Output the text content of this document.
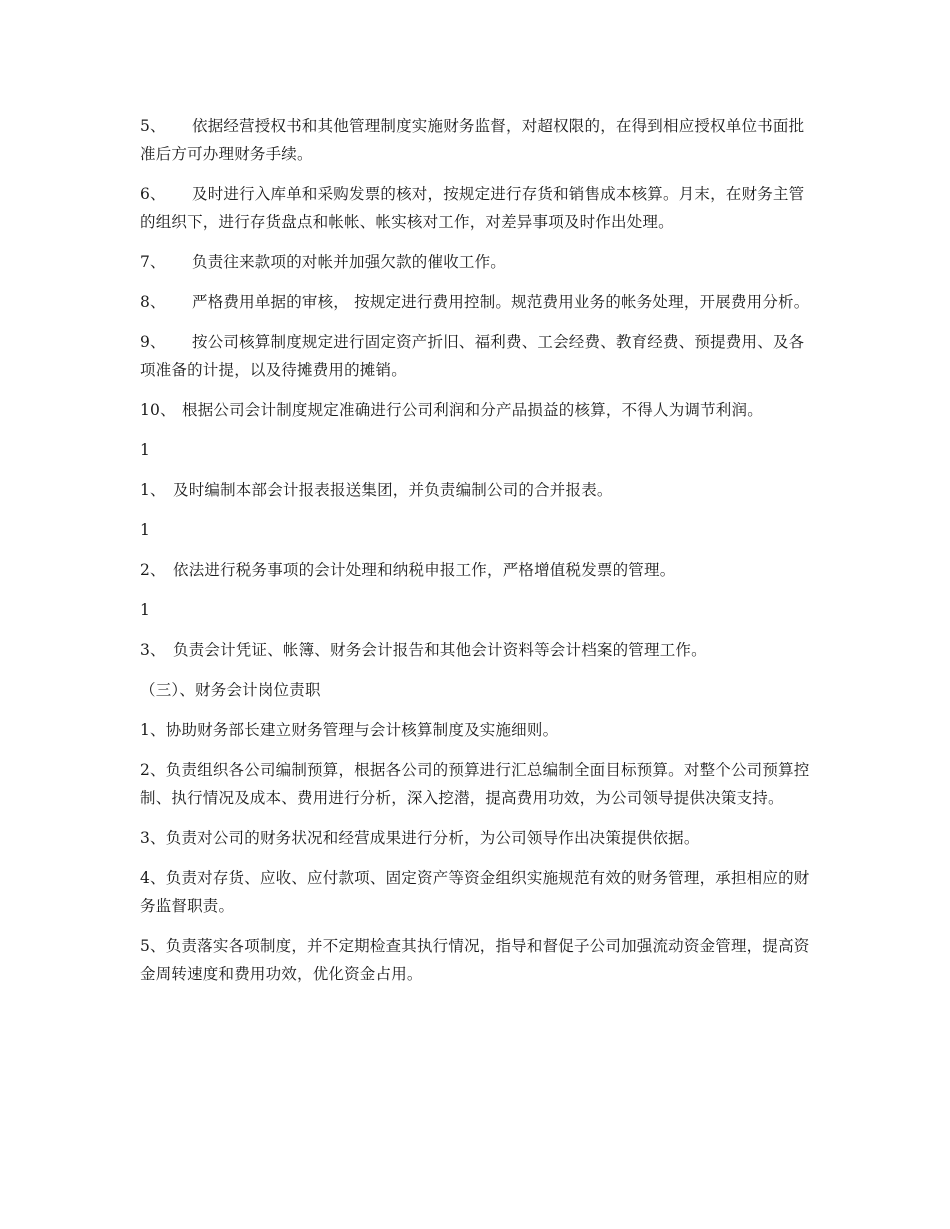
5、 依据经营授权书和其他管理制度实施财务监督，对超权限的，在得到相应授权单位书面批准后方可办理财务手续。

6、 及时进行入库单和采购发票的核对，按规定进行存货和销售成本核算。月末，在财务主管的组织下，进行存货盘点和帐帐、帐实核对工作，对差异事项及时作出处理。

7、 负责往来款项的对帐并加强欠款的催收工作。

8、 严格费用单据的审核， 按规定进行费用控制。规范费用业务的帐务处理，开展费用分析。

9、 按公司核算制度规定进行固定资产折旧、福利费、工会经费、教育经费、预提费用、及各项准备的计提，以及待摊费用的摊销。

10、 根据公司会计制度规定准确进行公司利润和分产品损益的核算，不得人为调节利润。

1

1、 及时编制本部会计报表报送集团，并负责编制公司的合并报表。

1

2、 依法进行税务事项的会计处理和纳税申报工作，严格增值税发票的管理。

1

3、 负责会计凭证、帐簿、财务会计报告和其他会计资料等会计档案的管理工作。

（三）、财务会计岗位责职

1、协助财务部长建立财务管理与会计核算制度及实施细则。

2、负责组织各公司编制预算，根据各公司的预算进行汇总编制全面目标预算。对整个公司预算控制、执行情况及成本、费用进行分析，深入挖潜，提高费用功效，为公司领导提供决策支持。

3、负责对公司的财务状况和经营成果进行分析，为公司领导作出决策提供依据。

4、负责对存货、应收、应付款项、固定资产等资金组织实施规范有效的财务管理，承担相应的财务监督职责。

5、负责落实各项制度，并不定期检查其执行情况，指导和督促子公司加强流动资金管理，提高资金周转速度和费用功效，优化资金占用。
